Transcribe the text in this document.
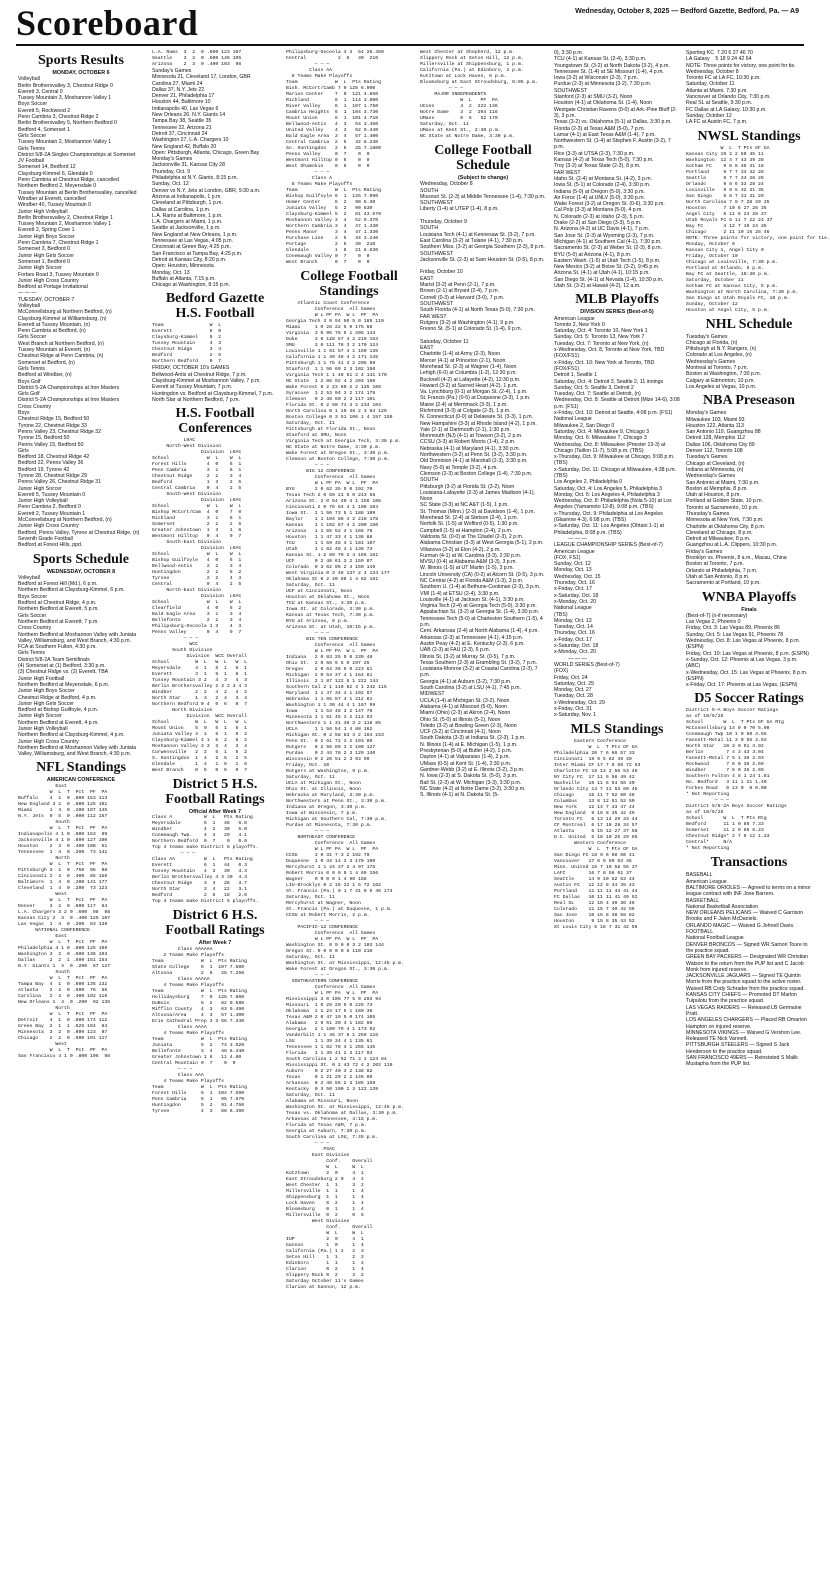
Scoreboard	Wednesday, October 8, 2025 — Bedford Gazette, Bedford, Pa. — A9
Sports Results
MONDAY, OCTOBER 6
Volleyball
Berlin Brothersvalley 3, Chestnut Ridge 0
Everett 3, Central 0
Tussey Mountain 3, Moshannon Valley 1
Boys Soccer
Everett 5, Rockwood 2
Penn Cambria 3, Chestnut Ridge 2
Berlin Brothersvalley 5, Northern Bedford 0
Bedford 4, Somerset 1
Girls Soccer
Tussey Mountain 2, Moshannon Valley 1
Girls Tennis
District 5/8-2A Singles Championships at Somerset
JV Football
Somerset 14, Bedford 12
Claysburg-Kimmel 6, Glendale 0
Penn Cambria at Chestnut Ridge, cancelled
Northern Bedford 2, Meyersdale 0
Tussey Mountain at Berlin Brothersvalley, cancelled
Windber at Everett, cancelled
Windber 40, Tussey Mountain 0
Junior High Volleyball
Berlin Brothersvalley 2, Chestnut Ridge 1
Tussey Mountain 2, Moshannon Valley 1
Everett 2, Spring Cove 1
Junior High Boys Soccer
Penn Cambria 7, Chestnut Ridge 1
Somerset 3, Bedford 0
Junior High Girls Soccer
Somerset 1, Bedford 0
Junior High Soccer
Forbes Road 3, Tussey Mountain 0
Junior High Cross Country
Bedford at Portage Invitational
— — —
TUESDAY, OCTOBER 7
Volleyball
McConnellsburg at Northern Bedford, (n)
Claysburg-Kimmel at Williamsburg, (n)
Everett at Tussey Mountain, (n)
Penn Cambria at Bedford, (n)
Girls Soccer
West Branch at Northern Bedford, (n)
Tussey Mountain at Everett, (n)
Chestnut Ridge at Penn Cambria, (n)
Somerset at Bedford, (n)
Girls Tennis
Bedford at Windber, (n)
Boys Golf
District 5-2A Championships at Iron Masters
Girls Golf
District 5-2A Championships at Iron Masters
Cross Country
Boys
Chestnut Ridge 15, Bedford 50
Tyrone 22, Chestnut Ridge 33
Penns Valley 23, Chestnut Ridge 32
Tyrone 15, Bedford 50
Penns Valley 15, Bedford 50
Girls
Bedford 18, Chestnut Ridge 42
Bedford 22, Penns Valley 36
Bedford 19, Tyrone 42
Tyrone 28, Chestnut Ridge 29
Penns Valley 26, Chestnut Ridge 31
Junior High Soccer
Everett 5, Tussey Mountain 0
Junior High Volleyball
Penn Cambria 2, Bedford 0
Everett 2, Tussey Mountain 1
McConnellsburg at Northern Bedford, (n)
Junior High Cross Country
Bedford, Penns Valley, Tyrone at Chestnut Ridge, (n)
Seventh Grade Football
Bedford at Forest Hills, ppd.
Sports Schedule
WEDNESDAY, OCTOBER 8
Volleyball
Bedford at Forest Hill (Md.), 6 p.m.
Northern Bedford at Claysburg-Kimmel, 6 p.m.
Boys Soccer
Bedford at Chestnut Ridge, 4 p.m.
Northern Bedford at Everett, 5 p.m.
Girls Soccer
Northern Bedford at Everett, 7 p.m.
Cross Country
Northern Bedford at Moshannon Valley with Juniata Valley, Williamsburg, and West Branch, 4:30 p.m.
FCA at Southern Fulton, 4:30 p.m.
Girls Tennis
District 5/8-2A Team Semifinals
(4) Somerset at (1) Bedford, 3:30 p.m.
(3) Chestnut Ridge vs. (2) Everett, TBA
Junior High Football
Northern Bedford at Meyersdale, 6 p.m.
Junior High Boys Soccer
Chestnut Ridge at Bedford, 4 p.m.
Junior High Girls Soccer
Bedford at Bishop Guilfoyle, 4 p.m.
Junior High Soccer
Northern Bedford at Everett, 4 p.m.
Junior High Volleyball
Northern Bedford at Claysburg-Kimmel, 4 p.m.
Junior High Cross Country
Northern Bedford at Moshannon Valley with Juniata Valley, Williamsburg, and West Branch, 4:30 p.m.
NFL Standings
AMERICAN CONFERENCE
East
W  L  T  Pct  PF  PA
Buffalo    4  1  0 .800 153 113
New England 3 2  0 .600 125 101
Miami      1  4  0 .200 107 145
N.Y. Jets  0  5  0 .000 112 157
South
W  L  T  Pct  PF  PA
Indianapolis 4 1 0 .800 163  89
Jacksonville 4 1 0 .800 127 100
Houston    2  3  0 .400 108  61
Tennessee  1  4  0 .200  73 141
North
W  L  T  Pct  PF  PA
Pittsburgh 3  1  0 .750  96  98
Cincinnati 2  3  0 .400  85 156
Baltimore  1  4  0 .200 141 177
Cleveland  1  4  0 .200  73 123
West
W  L  T  Pct  PF  PA
Denver     3  2  0 .600 117  84
L.A. Chargers 3 2 0 .600  98  98
Kansas City 2  3  0 .400 125 107
Las Vegas  1  4  0 .200  83 139
NATIONAL CONFERENCE
East
W  L  T  Pct  PF  PA
Philadelphia 4 1 0 .800 125 109
Washington 3  2  0 .600 136 103
Dallas     2  2  1 .500 151 154
N.Y. Giants 1  4  0 .200  87 127
South
W  L  T  Pct  PF  PA
Tampa Bay  4  1  0 .800 135 132
Atlanta    2  2  0 .500  76  86
Carolina   2  3  0 .400 102 119
New Orleans 1  4  0 .200  92 135
North
W  L  T  Pct  PF  PA
Detroit    4  1  0 .800 174 112
Green Bay  2  1  1 .625 104  84
Minnesota  3  2  0 .600 123  97
Chicago    2  2  0 .500 101 117
West
W  L  T  Pct  PF  PA
San Francisco 4 1 0 .800 106  98
L.A. Rams  3  2  0 .600 123 107
Seattle    3  2  0 .600 146 105
Arizona    2  3  0 .400 103  96
Sunday's Games
Minnesota 21, Cleveland 17, London, GBR
Carolina 27, Miami 24
Dallas 37, N.Y. Jets 22
Denver 21, Philadelphia 17
Houston 44, Baltimore 10
Indianapolis 40, Las Vegas 6
New Orleans 26, N.Y. Giants 14
Tampa Bay 38, Seattle 35
Tennessee 22, Arizona 21
Detroit 37, Cincinnati 24
Washington 27, L.A. Chargers 10
New England 42, Buffalo 20
Open: Pittsburgh, Atlanta, Chicago, Green Bay
Monday's Games
Jacksonville 31, Kansas City 28
Thursday, Oct. 9
Philadelphia at N.Y. Giants, 8:15 p.m.
Sunday, Oct. 12
Denver vs N.Y. Jets at London, GBR, 9:30 a.m.
Arizona at Indianapolis, 1 p.m.
Cleveland at Pittsburgh, 1 p.m.
Dallas at Carolina, 1 p.m.
L.A. Rams at Baltimore, 1 p.m.
L.A. Chargers at Miami, 1 p.m.
Seattle at Jacksonville, 1 p.m.
New England at New Orleans, 1 p.m.
Tennessee at Las Vegas, 4:05 p.m.
Cincinnati at Green Bay, 4:25 p.m.
San Francisco at Tampa Bay, 4:25 p.m.
Detroit at Kansas City, 8:20 p.m.
Open: Houston, Minnesota
Monday, Oct. 13
Buffalo at Atlanta, 7:15 p.m.
Chicago at Washington, 8:15 p.m.
Bedford Gazette H.S. Football
Team                W  L
Everett             6  0
Claysburg-Kimmel    5  2
Tussey Mountain     4  3
Chestnut Ridge      3  4
Bedford             2  5
Northern Bedford    0  7
FRIDAY, OCTOBER 10's GAMES
Bellwood-Antis at Chestnut Ridge, 7 p.m.
Claysburg-Kimmel at Moshannon Valley, 7 p.m.
Everett at Tussey Mountain, 7 p.m.
Huntingdon vs. Bedford at Claysburg-Kimmel, 7 p.m.
North Star at Northern Bedford, 7 p.m.
H.S. Football Conferences
LHAC
North-West Division
Division  LHAC
School             W  L    W  L
Forest Hills       4  0    6  1
Penn Cambria       3  1    6  1
Chestnut Ridge     2  2    3  4
Bedford            1  3    2  5
Central Cambria    0  4    2  5
South-West Division
Division  LHAC
School             W  L    W  L
Bishop McCort/Cam  4  0    7  0
Richland           3  1    6  1
Somerset           2  2    2  5
Greater Johnstown  1  3    1  6
Westmont Hilltop   0  4    0  7
South-East Division
Division  LHAC
School             W  L    W  L
Bishop Guilfoyle   4  0    6  1
Bellwood-Antis     2  2    3  4
Huntingdon         2  2    5  2
Tyrone             2  2    4  3
Central            0  4    2  5
North-East Division
Division  LHAC
School             W  L    W  L
Clearfield         4  0    5  2
Bald Eagle Area    3  1    3  4
Bellefonte         2  2    3  4
Philipsburg-Osceola 1 3    4  3
Penns Valley       0  4    0  7
— — —
WCC
South Division
Division  WCC Overall
School         W  L   W  L   W  L
Meyersdale     4  1   6  1   6  1
Everett        3  1   5  1   6  1
Tussey Mountain 3 2   4  3   4  3
Berlin Brothersvalley 2 3 2 3 4 3
Windber        2  2   4  2   4  2
North Star     1  3   2  4   3  4
Northern Bedford 0 4  0  6   0  7
North Division
Division  WCC Overall
School         W  L   W  L   W  L
Mount Union    5  0   6  1   6  1
Juniata Valley 4  1   5  1   5  2
Claysburg-Kimmel 4 1  5  2   5  2
Moshannon Valley 3 3  3  4   3  4
Curwensville   2  2   5  1   5  2
S. Huntingdon  1  4   2  5   2  5
Glendale       1  4   1  6   1  6
West Branch    0  5   0  6   0  7
District 5 H.S. Football Ratings
Official After Week 7
Class A           W  L   Pts Rating
Meyersdale        6  1   46   6.6
Windber           4  2   30   5.0
Conemaugh Twp.    4  3   29   4.1
Northern Bedford  0  7    0   0.0
Top 4 teams make District 5 playoffs.
— — —
Class AA          W  L   Pts Rating
Everett           6  1   44   6.3
Tussey Mountain   4  3   30   4.3
Berlin Brothersvalley 4 3 30  4.3
Chestnut Ridge    3  4   26   3.7
North Star        3  4   22   3.1
Bedford           2  5   18   2.6
Top 4 teams make District 5 playoffs.
District 6 H.S. Football Ratings
After Week 7
Class AAAAAA
2 Teams Make Playoffs
Team             W  L  Pts Rating
State College    6  1  107 7.500
Altoona          2  5   25 7.250
Class AAAAA
4 Teams Make Playoffs
Team             W  L  Pts Rating
Hollidaysburg    7  0  125 7.880
DuBois           5  2   82 9.580
Mifflin County   4  3   63 9.490
Altoona/Area     4  3   57 1.400
Erie Cathedral Prep 3 3 56 7.340
Class AAAA
4 Teams Make Playoffs
Team             W  L  Pts Rating
Juniata          5  2   74 3.520
Bellefonte       3  4   48 6.340
Greater Johnstown 1 6   11 4.80
Central Mountain 0  7    0  0
— — —
Class AAA
4 Teams Make Playoffs
Team             W  L  Pts Rating
Forest Hills     6  1  104 7.590
Penn Cambria     6  1   95 7.670
Huntingdon       5  2   91 4.750
Tyrone           4  3   68 6.490
Philipsburg-Osceola 4 3  64 29.450
Central           2  5   30  210
— — —
Class AA
8 Teams Make Playoffs
Team             W  L  Pts Rating
Bish. McCort/Camb 7 0 128 6.900
Marion Center    7  0  121 4.850
Richland         6  1  114 3.800
River Valley     6  1  107 1.750
Cambria Heights  6  1  104 3.730
Mount Union      6  1  101 4.710
Bellwood-Antis   4  3   64 3.450
United Valley    4  3   62 9.440
Bald Eagle Area  3  4   57 1.400
Central Cambria  2  5   32 8.230
So. Huntingdon   2  5   25 7.1800
Penns Valley     0  7    0  0
Westmont Hilltop 0  6    0  0
West Shamokin    0  6    0  0
— — —
Class A
8 Teams Make Playoffs
Team             W  L  Pts Rating
Bishop Guilfoyle 6  1  125 7.990
Homer Center     5  2   90 6.30
Juniata Valley   5  2   90 630
Claysburg-Kimmel 5  2   81 43.570
Moshannon Valley 3  4   52 9.370
Northern Cambria 3  4   47 1.330
Penns Manor      3  4   47 1.330
Purchase Line    2  5   34 3.240
Portage          2  5   30  210
Glendale         1  6   21 8.630
Conemaugh Valley 0  7    0  0
West Branch      0  7    0  0
College Football Standings
Atlantic Coast Conference
Conference  All Games
W L PF PA  W L  PF  PA
Georgia Tech 3 0 94 50 5 0 185 119
Miami     1 0 28 22 5 0 175 68
Virginia  3 0 95 76 5 1 205 143
Duke      3 0 128 57 4 2 219 153
SMU       3 0 111 78 3 2 170 124
Louisville 1 1 61 57 4 1 160 135
California 1 1 49 48 4 2 171 145
Pittsburgh 1 1 75 41 3 2 205 98
Stanford  1 1 50 69 2 3 102 150
Virginia Tech 1 1 46 51 2 4 141 170
NC State  1 2 86 92 4 2 203 150
Wake Forest 0 2 23 60 2 2 135 108
Syracuse  1 2 53 94 3 2 174 179
Clemson   0 2 48 60 2 3 117 101
Florida St. 0 2 60 74 3 2 234 104
North Carolina 0 1 10 38 2 3 94 129
Boston College 0 3 51 106 1 4 157 159
Saturday, Oct. 11
Pittsburgh at Florida St., Noon
Stanford at SMU, Noon
Virginia Tech at Georgia Tech, 3:30 p.m.
NC State at Notre Dame, 3:30 p.m.
Wake Forest at Oregon St., 3:30 p.m.
Clemson at Boston College, 7:30 p.m.
— — —
BIG 12 CONFERENCE
Conference  All Games
W L PF PA  W L  PF  PA
BYU       2 0 62 35 5 0 192 70
Texas Tech 2 0 69 21 5 0 243 58
Arizona St. 2 0 54 40 4 1 156 106
Cincinnati 2 0 75 64 4 1 196 104
Iowa St.  2 1 50 73 5 1 188 109
Baylor    1 1 104 88 4 2 218 178
Kansas    1 1 102 67 4 2 200 150
Arizona   1 1 55 52 4 1 166 78
Houston   1 1 47 33 4 1 136 88
TCU       1 1 59 48 4 1 184 107
Utah      1 1 62 48 4 1 136 73
Kansas St. 1 2 89 79 2 4 165 161
UCF       0 2 40 61 3 2 159 87
Colorado  0 3 62 95 2 4 150 149
West Virginia 0 3 48 137 2 4 134 177
Oklahoma St 0 2 40 86 1 4 82 181
Saturday, Oct. 11
UCF at Cincinnati, Noon
Houston at Oklahoma St., Noon
TCU at Kansas St., 3:30 p.m.
Iowa St. at Colorado, 3:30 p.m.
Kansas at Texas Tech, 7:30 p.m.
BYU at Arizona, 8 p.m.
Arizona St. at Utah, 10:15 p.m.
— — —
BIG TEN CONFERENCE
Conference  All Games
W L PF PA  W L  PF  PA
Indiana   2 0 83 25 5 0 239 48
Ohio St.  2 0 66 9 5 0 197 25
Oregon    2 0 64 36 5 0 223 61
Michigan  2 0 54 37 4 1 164 81
Illinois  2 1 87 122 5 1 222 144
Southern Cal 2 1 110 82 4 1 242 115
Maryland  1 1 47 34 4 1 192 67
Nebraska  1 1 65 57 4 1 212 81
Washington 1 1 30 44 4 1 167 99
Iowa      1 1 53 48 3 2 147 78
Minnesota 1 1 51 45 3 2 113 83
Northwestern 1 1 31 48 3 2 118 85
UCLA      1 1 56 54 1 4 88 162
Michigan St. 0 2 58 83 3 2 164 153
Penn St.  0 2 61 72 3 2 193 80
Rutgers   0 2 56 89 3 2 190 127
Purdue    0 2 44 78 2 3 129 140
Wisconsin 0 2 20 51 2 3 93 99
Friday, Oct. 10
Rutgers at Washington, 9 p.m.
Saturday, Oct. 11
UCLA at Michigan St., Noon
Ohio St. at Illinois, Noon
Nebraska at Maryland, 3:30 p.m.
Northwestern at Penn St., 3:30 p.m.
Indiana at Oregon, 3:30 p.m.
Iowa at Wisconsin, 7 p.m.
Michigan at Southern Cal, 7:30 p.m.
Purdue at Minnesota, 7:30 p.m.
— — —
NORTHEAST CONFERENCE
Conference  All Games
W L PF PA  W L  PF  PA
CCSU      3 0 31 7 3 2 192 79
Duquesne  1 0 34 14 3 3 170 190
Mercyhurst 1 1 24 37 2 4 97 175
Robert Morris 0 0 0 0 1 4 69 156
Wagner    0 0 0 0 1 4 90 158
LIU-Brooklyn 0 2 16 32 1 5 72 162
St. Francis (Pa.) 0 1 7 31 0 5 46 174
Saturday, Oct. 11
Mercyhurst at Wagner, Noon
St. Francis (Pa.) at Duquesne, 1 p.m.
CCSU at Robert Morris, 2 p.m.
— — —
PACIFIC-12 CONFERENCE
Conference  All Games
W L PF PA  W L  PF  PA
Washington St. 0 0 0 0 3 2 103 144
Oregon St. 0 0 0 0 0 6 110 210
Saturday, Oct. 11
Washington St. at Mississippi, 12:45 p.m.
Wake Forest at Oregon St., 3:30 p.m.
— — —
SOUTHEASTERN CONFERENCE
Conference  All Games
W L PF PA  W L  PF  PA
Mississippi 3 0 106 77 5 0 203 94
Missouri  1 0 29 20 5 0 226 73
Oklahoma  1 1 24 17 5 1 169 36
Texas A&M 2 0 47 19 5 0 174 105
Alabama   2 0 51 30 4 1 182 80
Georgia   2 1 100 79 4 1 173 92
Vanderbilt 1 1 45 37 5 1 259 116
LSU       1 1 39 34 4 1 135 61
Tennessee 1 1 82 78 4 1 255 145
Florida   1 1 39 41 2 3 117 93
South Carolina 1 2 52 71 3 2 124 84
Mississippi St. 0 2 43 72 4 2 202 119
Auburn    0 2 27 40 3 2 138 82
Texas     0 1 21 29 2 2 146 80
Arkansas  0 2 48 56 2 3 185 159
Kentucky  0 3 50 100 2 3 122 139
Saturday, Oct. 11
Alabama at Missouri, Noon
Washington St. at Mississippi, 12:45 p.m.
Texas vs. Oklahoma at Dallas, 3:30 p.m.
Arkansas at Tennessee, 4:15 p.m.
Florida at Texas A&M, 7 p.m.
Georgia at Auburn, 7:30 p.m.
South Carolina at LSU, 7:45 p.m.
— — —
PSAC
East Division
Conf.    Overall
W  L     W  L
Kutztown      2  0     4  1
East Stroudsburg 2 0   4  1
West Chester  1  1     3  2
Millersville  1  1     1  4
Shippensburg  1  1     1  4
Lock Haven    0  2     1  4
Bloomsburg    0  1     1  4
Millersville  0  2     0  5
West Division
Conf.    Overall
W  L     W  L
IUP           2  0     4  1
Gannon        1  0     1  4
California (Pa.) 1 1   2  3
Seton Hill    1  1     2  3
Edinboro      1  1     1  4
Clarion       0  2     1  4
Slippery Rock 0  2     3  2
Saturday October 11's Games
Clarion at Gannon, 12 p.m.
West Chester at Shepherd, 12 p.m.
Slippery Rock at Seton Hill, 12 p.m.
Millersville at Shippensburg, 1 p.m.
California (Pa.) at Edinboro, 2 p.m.
Kutztown at Lock Haven, 6 p.m.
Bloomsburg at East Stroudsburg, 6:05 p.m.
— — —
MAJOR INDEPENDENTS
W  L   PF  PA
UConn         4  2  222 136
Notre Dame    3  2  204 116
UMass         0  5   52 179
Saturday, Oct. 11
UMass at Kent St., 2:30 p.m.
NC State at Notre Dame, 3:30 p.m.
College Football Schedule
(Subject to change)
Wednesday, October 8
SOUTH
Missouri St. (2-3) at Middle Tennessee (1-4), 7:30 p.m.
SOUTHWEST
Liberty (1-4) at UTEP (1-4), 8 p.m.

Thursday, October 9
SOUTH
Louisiana Tech (4-1) at Kennesaw St. (3-2), 7 p.m.
East Carolina (3-2) at Tulane (4-1), 7:30 p.m.
Southern Miss. (3-2) at Georgia Southern (2-3), 8 p.m.
SOUTHWEST
Jacksonville St. (2-3) at Sam Houston St. (0-5), 8 p.m.

Friday, October 10
EAST
Marist (3-2) at Penn (2-1), 7 p.m.
Brown (2-1) at Bryant (2-4), 7 p.m.
Cornell (0-3) at Harvard (3-0), 7 p.m.
SOUTHWEST
South Florida (4-1) at North Texas (5-0), 7:30 p.m.
FAR WEST
Rutgers (3-2) at Washington (4-1), 9 p.m.
Fresno St. (5-1) at Colorado St. (1-4), 9 p.m.

Saturday, October 11
EAST
Charlotte (1-4) at Army (2-3), Noon
Mercer (4-1) at Princeton (2-1), Noon
Morehead St. (2-3) at Wagner (1-4), Noon
Lehigh (6-0) at Columbia (1-2), 12:30 p.m.
Bucknell (4-2) at Lafayette (4-2), 12:30 p.m.
Howard (3-2) at Sacred Heart (4-2), 1 p.m.
Va. Lynchburg (0-1) at Morgan St. (2-4), 1 p.m.
St. Francis (Pa.) (0-5) at Duquesne (3-3), 1 p.m.
Maine (2-4) at Merrimack (3-3), 1 p.m.
Richmond (3-3) at Colgate (2-3), 1 p.m.
N. Connecticut (0-0) at Delaware St. (3-3), 1 p.m.
New Hampshire (3-3) at Rhode Island (4-2), 1 p.m.
Yale (2-1) at Dartmouth (2-1), 1:30 p.m.
Monmouth (NJ) (4-1) at Towson (3-2), 2 p.m.
CCSU (3-3) at Robert Morris (1-4), 2 p.m.
Nebraska (4-1) at Maryland (4-1), 3:30 p.m.
Northwestern (3-2) at Penn St. (3-2), 3:30 p.m.
Old Dominion (4-1) at Marshall (2-3), 3:30 p.m.
Navy (5-0) at Temple (3-2), 4 p.m.
Clemson (2-3) at Boston College (1-4), 7:30 p.m.
SOUTH
Pittsburgh (3-2) at Florida St. (3-2), Noon
Louisiana-Lafayette (2-3) at James Madison (4-1), Noon
SC State (3-3) at NC A&T (1-5), 1 p.m.
St. Thomas (Minn.) (2-3) at Davidson (1-4), 1 p.m.
Morehead St. (2-4) at Stetson (2-4), 1 p.m.
Norfolk St. (1-5) at Wofford (0-5), 1:30 p.m.
Campbell (1-5) at Hampton (2-4), 2 p.m.
Valdosta St. (0-0) at The Citadel (2-3), 2 p.m.
Alabama Christian (3-3) at West Georgia (5-1), 2 p.m.
Villanova (3-2) at Elon (4-2), 2 p.m.
Furman (4-1) at W. Carolina (3-3), 2:30 p.m.
MVSU (0-4) at Alabama A&M (3-3), 3 p.m.
W. Illinois (1-5) at UT Martin (1-5), 3 p.m.
Lincoln University (CA) (0-2) at Alcorn St. (0-5), 3 p.m.
NC Central (4-2) at Florida A&M (1-3), 3 p.m.
Southern U. (1-4) at Bethune-Cookman (2-3), 3 p.m.
VMI (1-4) at ETSU (2-4), 3:30 p.m.
Louisville (4-1) at Jackson St. (4-1), 3:30 p.m.
Virginia Tech (2-4) at Georgia Tech (5-0), 3:30 p.m.
Appalachian St. (3-2) at Georgia St. (1-4), 3:30 p.m.
Tennessee Tech (5-0) at Charleston Southern (1-5), 4 p.m.
Cent. Arkansas (2-4) at North Alabama (1-4), 4 p.m.
Arkansas (2-3) at Tennessee (4-1), 4:15 p.m.
Austin Peay (4-2) at E. Kentucky (2-3), 6 p.m.
UAB (2-3) at FAU (2-3), 6 p.m.
Illinois St. (3-2) at Murray St. (0-5), 7 p.m.
Texas Southern (2-3) at Grambling St. (3-2), 7 p.m.
Louisiana-Monroe (3-2) at Coastal Carolina (2-3), 7 p.m.
Georgia (4-1) at Auburn (3-2), 7:30 p.m.
South Carolina (3-2) at LSU (4-1), 7:45 p.m.
MIDWEST
UCLA (1-4) at Michigan St. (3-2), Noon
Alabama (4-1) at Missouri (5-0), Noon
Miami (Ohio) (2-3) at Akron (2-4), Noon
Ohio St. (5-0) at Illinois (5-1), Noon
Toledo (3-2) at Bowling Green (2-3), Noon
UCF (3-2) at Cincinnati (4-1), Noon
South Dakota (3-3) at Indiana St. (2-3), 1 p.m.
N. Illinois (1-4) at E. Michigan (1-5), 1 p.m.
Presbyterian (5-0) at Butler (4-2), 1 p.m.
Dayton (4-1) at Valparaiso (1-4), 2 p.m.
UMass (0-5) at Kent St. (1-4), 2:30 p.m.
Gardner-Webb (3-2) at E. Illinois (3-2), 3 p.m.
N. Iowa (2-3) at S. Dakota St. (5-0), 3 p.m.
Ball St. (2-3) at W. Michigan (3-3), 3:30 p.m.
NC State (4-2) at Notre Dame (3-2), 3:30 p.m.
S. Illinois (4-1) at N. Dakota St. (5-
0), 3:30 p.m.
TCU (4-1) at Kansas St. (2-4), 3:30 p.m.
Youngstown St. (3-2) at North Dakota (3-2), 4 p.m.
Tennessee St. (1-4) at SE Missouri (1-4), 4 p.m.
Iowa (3-2) at Wisconsin (2-3), 7 p.m.
Purdue (2-3) at Minnesota (3-2), 7:30 p.m.
SOUTHWEST
Stanford (2-3) at SMU (3-2), Noon
Houston (4-1) at Oklahoma St. (1-4), Noon
Westgate Christian Ravens (0-0) at Ark.-Pine Bluff (2-3), 3 p.m.
Texas (3-2) vs. Oklahoma (5-1) at Dallas, 3:30 p.m.
Florida (2-3) at Texas A&M (5-0), 7 p.m.
Lamar (4-1) at East Texas A&M (1-4), 7 p.m.
Northwestern St. (1-4) at Stephen F. Austin (3-2), 7 p.m.
Rice (3-3) at UTSA (2-3), 7:30 p.m.
Kansas (4-2) at Texas Tech (5-0), 7:30 p.m.
Troy (3-2) at Texas State (2-3), 8 p.m.
FAR WEST
Idaho St. (2-4) at Montana St. (4-2), 3 p.m.
Iowa St. (5-1) at Colorado (2-4), 3:30 p.m.
Indiana (5-0) at Oregon (5-0), 3:30 p.m.
Air Force (1-4) at UNLV (5-0), 3:30 p.m.
Wake Forest (3-2) at Oregon St. (0-6), 3:30 p.m.
Cal Poly (3-3) at Montana (5-0), 4 p.m.
N. Colorado (2-3) at Idaho (2-3), 5 p.m.
Drake (2-2) at San Diego (3-3), 5 p.m.
N. Arizona (4-2) at UC Davis (4-1), 7 p.m.
San Jose St. (2-3) at Wyoming (2-3), 7 p.m.
Michigan (4-1) at Southern Cal (4-1), 7:30 p.m.
Sacramento St. (2-3) at Weber St. (2-3), 8 p.m.
BYU (5-0) at Arizona (4-1), 8 p.m.
Eastern Wash. (1-5) at Utah Tech (1-5), 8 p.m.
New Mexico (3-2) at Boise St. (3-2), 9:45 p.m.
Arizona St. (4-1) at Utah (4-1), 10:15 p.m.
San Diego St. (4-1) at Nevada (1-4), 10:30 p.m.
Utah St. (3-2) at Hawaii (4-2), 12 a.m.
MLB Playoffs
DIVISION SERIES (Best-of-5)
American League
Toronto 2, New York 0
Saturday, Oct. 4: Toronto 10, New York 1
Sunday, Oct. 5: Toronto 13, New York 7
Tuesday, Oct. 7: Toronto at New York, (n)
x-Wednesday, Oct. 8, Toronto at New York, TBD (FOX/FS1)
x-Friday, Oct. 10: New York at Toronto, TBD (FOX/FS1)
Detroit 1, Seattle 1
Saturday, Oct. 4: Detroit 3, Seattle 2, 11 innings
Sunday, Oct. 5: Seattle 3, Detroit 2
Tuesday, Oct. 7: Seattle at Detroit, (n)
Wednesday, Oct. 8: Seattle at Detroit (Mize 14-6), 3:08 p.m. (FS1)
x-Friday, Oct. 10: Detroit at Seattle, 4:08 p.m. (FS1)
National League
Milwaukee 2, San Diego 0
Saturday, Oct. 4: Milwaukee 9, Chicago 3
Monday, Oct. 6: Milwaukee 7, Chicago 3
Wednesday, Oct. 8: Milwaukee (Priester 13-3) at Chicago (Taillon 11-7), 5:08 p.m. (TBS)
x-Thursday, Oct. 9: Milwaukee at Chicago, 9:08 p.m. (TBS)
x-Saturday, Oct. 11: Chicago at Milwaukee, 4:38 p.m. (TBS)
Los Angeles 2, Philadelphia 0
Saturday, Oct. 4: Los Angeles 5, Philadelphia 3
Monday, Oct. 6: Los Angeles 4, Philadelphia 3
Wednesday, Oct. 8: Philadelphia (Nola 5-10) at Los Angeles (Yamamoto 12-8), 9:08 p.m. (TBS)
x-Thursday, Oct. 9: Philadelphia at Los Angeles (Glasnow 4-3), 6:08 p.m. (TBS)
x-Saturday, Oct. 11: Los Angeles (Ohtani 1-1) at Philadelphia, 8:08 p.m. (TBS)
— — —
LEAGUE CHAMPIONSHIP SERIES (Best-of-7)
American League
(FOX, FS1)
Sunday, Oct. 12
Monday, Oct. 13
Wednesday, Oct. 15
Thursday, Oct. 16
x-Friday, Oct. 17
x-Saturday, Oct. 18
x-Monday, Oct. 20
National League
(TBS)
Monday, Oct. 13
Tuesday, Oct. 14
Thursday, Oct. 16
x-Friday, Oct. 17
x-Saturday, Oct. 18
x-Monday, Oct. 20
— — —
WORLD SERIES (Best-of-7)
(FOX)
Friday, Oct. 24
Saturday, Oct. 25
Monday, Oct. 27
Tuesday, Oct. 28
x-Wednesday, Oct. 29
x-Friday, Oct. 31
x-Saturday, Nov. 1
MLS Standings
Eastern Conference
W  L  T Pts GF GA
Philadelphia 20 7 6 66 57 33
Cincinnati  19 9 5 62 49 40
Inter Miami CF 17 7 8 59 72 53
Charlotte FC 18 13 2 56 53 46
NY City FC  17 11 5 56 49 42
Nashville   16 11 6 54 56 40
Orlando City 14 7 11 53 60 45
Chicago     15 11 7 52 60 48
Columbus    13 8 12 51 52 50
New York    12 14 7 43 47 44
New England  9 16 8 35 42 49
Toronto FC   6 13 14 29 33 44
CF Montreal  6 17 10 28 34 57
Atlanta      5 15 12 27 37 58
D.C. United  5 18 10 25 29 65
Western Conference
W  L  T Pts GF GA
San Diego FC 18 9 6 60 60 41
Vancouver   17 6 9 60 63 35
Minn. United 16 7 10 58 55 37
LAFC        16 7 8 56 61 37
Seattle     14 9 10 52 53 44
Austin FC   12 12 8 44 35 43
Portland    11 11 11 44 41 44
FC Dallas   10 11 11 41 49 52
Real SL     12 16 4 40 36 46
Colorado    11 15 7 40 42 56
San Jose    10 15 8 38 58 62
Houston      9 15 8 35 43 52
St Louis City 6 18 7 31 42 56
Sporting KC  7 20 6 27 46 70
LA Galaxy    5 18 9 24 42 64
NOTE: Three points for victory, one point for tie.
Wednesday, October 8
Toronto FC at LA FC, 10:30 p.m.
Saturday, October 11
Atlanta at Miami, 7:30 p.m.
Vancouver at Orlando City, 7:30 p.m.
Real SL at Seattle, 9:30 p.m.
FC Dallas at LA Galaxy, 10:30 p.m.
Sunday, October 12
LA FC at Austin FC, 7 p.m.
NWSL Standings
W  L  T Pts GF GA
Kansas City 19 2 2 59 45 11
Washington  12 4 7 43 39 28
Gotham FC    9 6 8 35 31 18
Portland     9 7 7 34 32 28
Seattle      9 7 7 34 28 26
Orlando      9 8 6 33 28 24
Louisville   9 9 5 32 31 35
San Diego    8 8 7 31 31 29
North Carolina 7 9 7 28 29 35
Houston      7 10 6 27 26 35
Angel City   6 11 6 24 28 37
Utah Royals FC 5 11 7 22 24 37
Bay FC       4 12 7 19 24 35
Chicago      2 11 10 16 28 46
NOTE: Three points for victory, one point for tie.
Monday, October 6
Kansas City 1, Angel City 0
Friday, October 10
Chicago at Louisville, 7:30 p.m.
Portland at Orlando, 8 p.m.
Bay FC at Seattle, 10:30 p.m.
Saturday, October 11
Gotham FC at Kansas City, 5 p.m.
Washington at North Carolina, 7:30 p.m.
San Diego at Utah Royals FC, 10 p.m.
Sunday, October 12
Houston at Angel City, 5 p.m.
NHL Schedule
Tuesday's Games
Chicago at Florida, (n)
Pittsburgh at N.Y. Rangers, (n)
Colorado at Los Angeles, (n)
Wednesday's Games
Montreal at Toronto, 7 p.m.
Boston at Washington, 7:30 p.m.
Calgary at Edmonton, 10 p.m.
Los Angeles at Vegas, 10 p.m.
NBA Preseason
Monday's Games
Milwaukee 103, Miami 93
Houston 122, Atlanta 113
San Antonio 119, Guangzhou 88
Detroit 128, Memphis 112
Dallas 106, Oklahoma City 89
Denver 112, Toronto 108
Tuesday's Games
Chicago at Cleveland, (n)
Indiana at Minnesota, (n)
Wednesday's Games
San Antonio at Miami, 7:30 p.m.
Boston at Memphis, 8 p.m.
Utah at Houston, 8 p.m.
Portland at Golden State, 10 p.m.
Toronto at Sacramento, 10 p.m.
Thursday's Games
Minnesota at New York, 7:30 p.m.
Charlotte at Oklahoma City, 8 p.m.
Cleveland at Chicago, 8 p.m.
Detroit at Milwaukee, 8 p.m.
Guangzhou at L.A. Clippers, 10:30 p.m.
Friday's Games
Brooklyn vs. Phoenix, 8 a.m., Macau, China
Boston at Toronto, 7 p.m.
Orlando at Philadelphia, 7 p.m.
Utah at San Antonio, 8 p.m.
Sacramento at Portland, 10 p.m.
WNBA Playoffs
Finals
(Best-of-7) (x-if necessary)
Las Vegas 2, Phoenix 0
Friday, Oct. 3: Las Vegas 89, Phoenix 86
Sunday, Oct. 5: Las Vegas 91, Phoenix 78
Wednesday, Oct. 8: Las Vegas at Phoenix, 8 p.m. (ESPN)
Friday, Oct. 10: Las Vegas at Phoenix, 8 p.m. (ESPN)
x-Sunday, Oct. 12: Phoenix at Las Vegas, 3 p.m. (ABC)
x-Wednesday, Oct. 15: Las Vegas at Phoenix, 8 p.m. (ESPN)
x-Friday, Oct. 17: Phoenix at Las Vegas, (ESPN)
D5 Soccer Ratings
District 5-A Boys Soccer Ratings
as of 10/6/25
School       W  L  T Pts GF GA Rtg
McConnellsburg 14 0 0 70 5.00
Conemaugh Twp 10 1 0 50 4.55
Fannett-Metal 11 3 0 55 3.93
North Star   10 3 0 51 3.92
Berlin        7 4 3 43 3.04
Fannett-Metal 7 5 1 38 2.93
Rockwood      7 6 0 35 2.69
Windber       7 6 0 35 2.69
Southern Fulton 4 8 1 24 1.81
No. Bedford   3 11 1 21 1.40
Forbes Road   0 13 0  0 0.00
* Not Reporting
— — —
District 5/8-2A Boys Soccer Ratings
as of 10/6/25
School       W  L  T Pts Rtg
Bedford      11 1 0 88 7.33
Somerset     11 2 0 85 6.23
Chestnut Ridge* 2 7 0 12 1.33
Central*     N/A
* Not Reporting
Transactions
BASEBALL
American League
BALTIMORE ORIOLES — Agreed to terms on a minor league contract with INF Jose Barrero.
BASKETBALL
National Basketball Association
NEW ORLEANS PELICANS — Waived C Garrison Brooks and F Jalen McDaniels.
ORLANDO MAGIC — Waived G Johnell Davis.
FOOTBALL
National Football League
DENVER BRONCOS — Signed WR Samori Toure to the practice squad.
GREEN BAY PACKERS — Designated WR Christian Watson to the return from the PUP list and C Jacob Monk from injured reserve.
JACKSONVILLE JAGUARS — Signed TE Quintin Morris from the practice squad to the active roster. Waived RB Cody Schrader from the practice squad.
KANSAS CITY CHIEFS — Promoted DT Marlon Tuipulotu from the practice squad.
LAS VEGAS RAIDERS — Released LB Germaine Pratt.
LOS ANGELES CHARGERS — Placed RB Omarion Hampton on injured reserve.
MINNESOTA VIKINGS — Waived G Vershon Lee. Released TE Nick Vannett.
PITTSBURGH STEELERS — Signed S Jack Henderson to the practice squad.
SAN FRANCISCO 49ERS — Reinstated S Malik Mustapha from the PUP list.
